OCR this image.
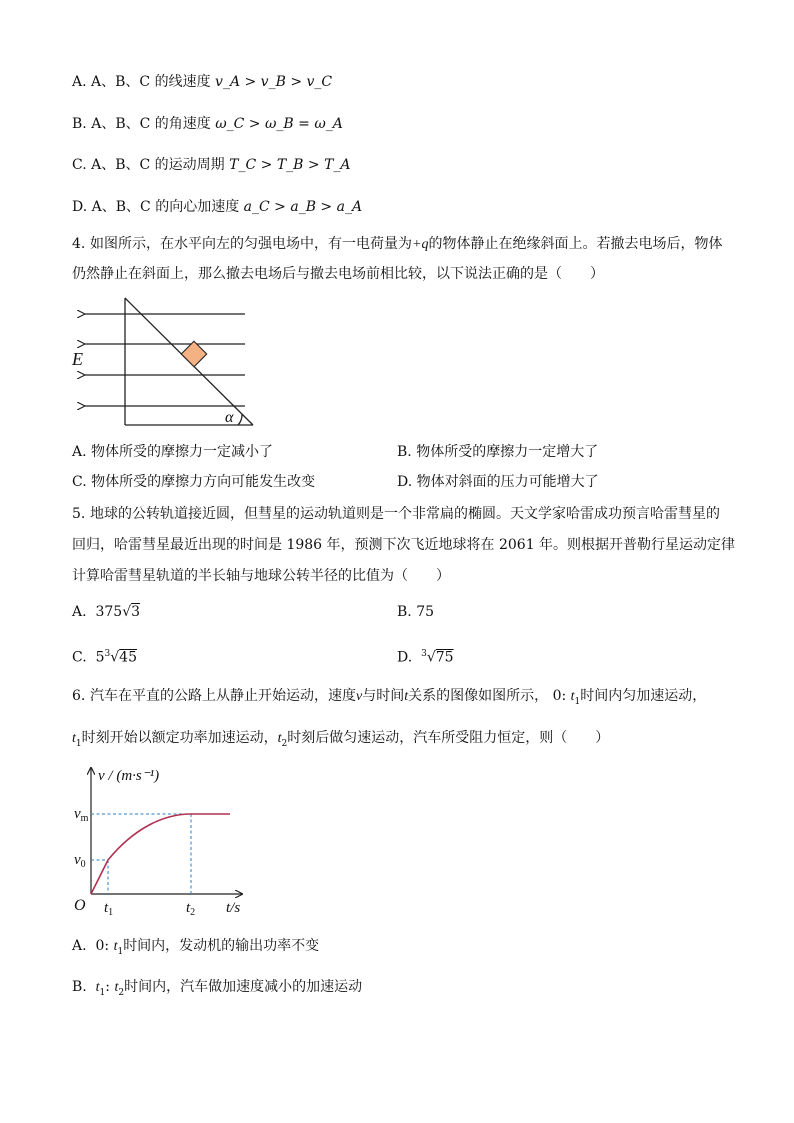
A. A、B、C 的线速度 v_A > v_B > v_C
B. A、B、C 的角速度 ω_C > ω_B = ω_A
C. A、B、C 的运动周期 T_C > T_B > T_A
D. A、B、C 的向心加速度 a_C > a_B > a_A
4. 如图所示，在水平向左的匀强电场中，有一电荷量为+q的物体静止在绝缘斜面上。若撤去电场后，物体
仍然静止在斜面上，那么撤去电场后与撤去电场前相比较，以下说法正确的是（　　）
E
α
A. 物体所受的摩擦力一定减小了	B. 物体所受的摩擦力一定增大了
C. 物体所受的摩擦力方向可能发生改变	D. 物体对斜面的压力可能增大了
5. 地球的公转轨道接近圆，但彗星的运动轨道则是一个非常扁的椭圆。天文学家哈雷成功预言哈雷彗星的
回归，哈雷彗星最近出现的时间是 1986 年，预测下次飞近地球将在 2061 年。则根据开普勒行星运动定律
计算哈雷彗星轨道的半长轴与地球公转半径的比值为（　　）
A. 375√3	B. 75
C. $5^3√45$	D. $^3$√75
6. 汽车在平直的公路上从静止开始运动，速度v与时间t关系的图像如图所示， 0: $t_1$时间内匀加速运动，
$t_1$时刻开始以额定功率加速运动，$t_2$时刻后做匀速运动，汽车所受阻力恒定，则（　　）
v / (m·s⁻¹)
t/s
O
$v_m$
$v_0$
$t_1$	$t_2$
A. 0: $t_1$时间内，发动机的输出功率不变
B. $t_1$: $t_2$时间内，汽车做加速度减小的加速运动
